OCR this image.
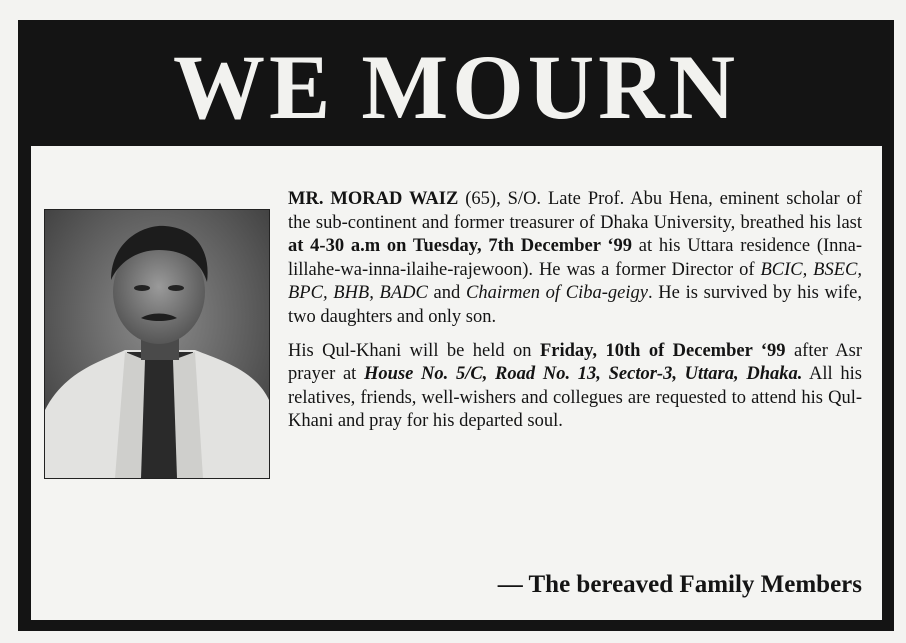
WE MOURN

MR. MORAD WAIZ (65), S/O. Late Prof. Abu Hena, eminent scholar of the sub-continent and former treasurer of Dhaka University, breathed his last at 4-30 a.m on Tuesday, 7th December ‘99 at his Uttara residence (Inna-lillahe-wa-inna-ilaihe-rajewoon). He was a former Director of BCIC, BSEC, BPC, BHB, BADC and Chairmen of Ciba-geigy. He is survived by his wife, two daughters and only son.

His Qul-Khani will be held on Friday, 10th of December ‘99 after Asr prayer at House No. 5/C, Road No. 13, Sector-3, Uttara, Dhaka. All his relatives, friends, well-wishers and collegues are requested to attend his Qul-Khani and pray for his departed soul.

— The bereaved Family Members
